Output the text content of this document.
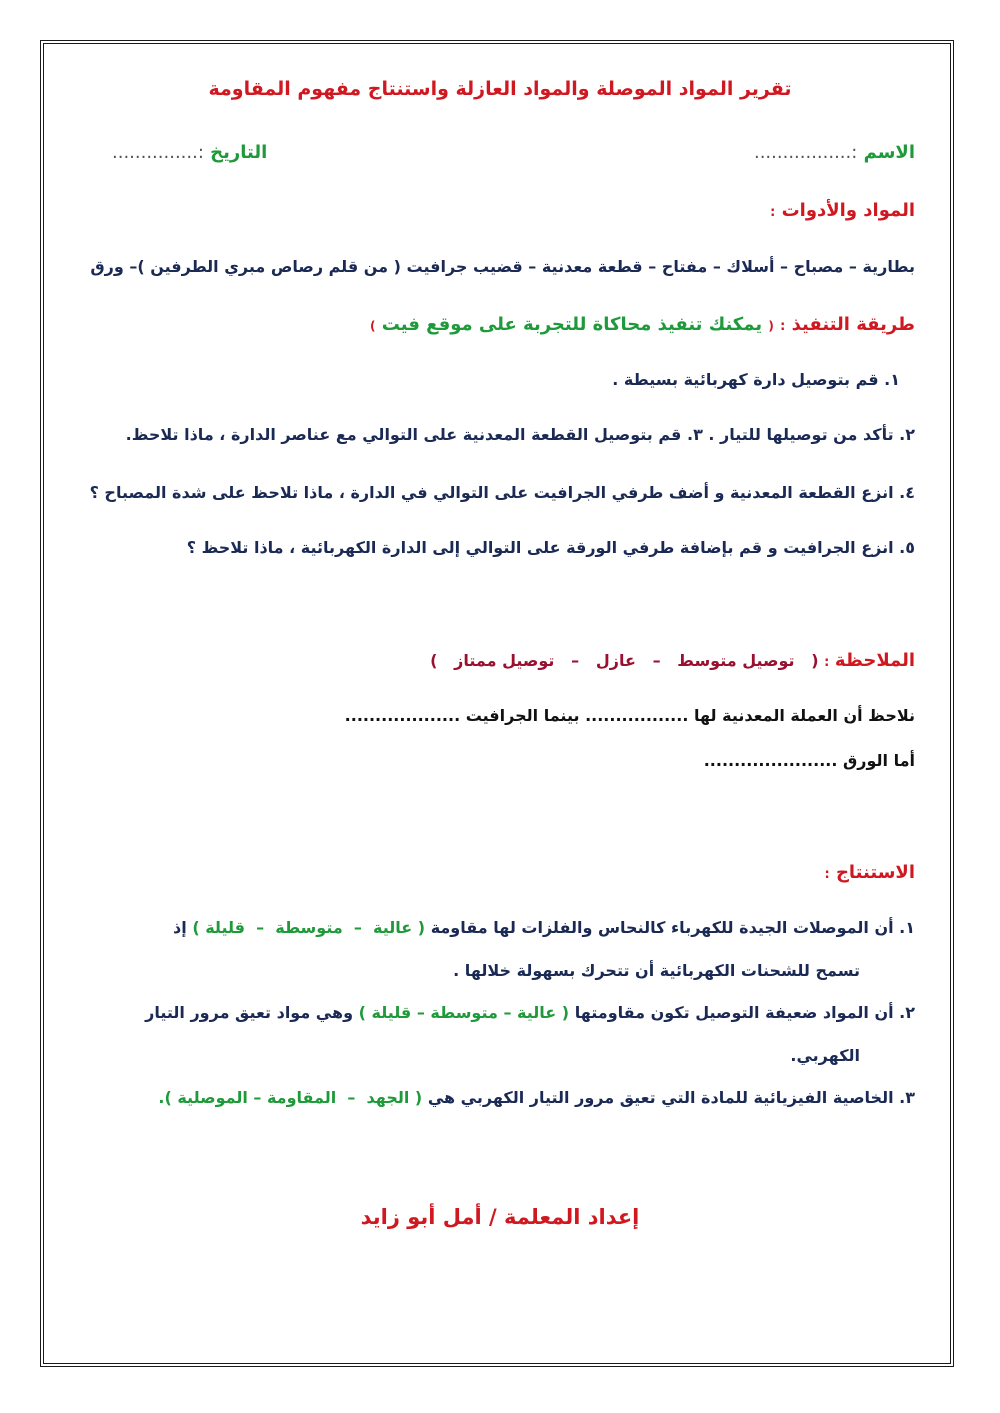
تقرير المواد الموصلة والمواد العازلة واستنتاج مفهوم المقاومة
الاسم :.................
التاريخ :...............
المواد والأدوات :
بطارية – مصباح – أسلاك – مفتاح – قطعة معدنية – قضيب جرافيت ( من قلم رصاص مبري الطرفين )– ورق
طريقة التنفيذ : ( يمكنك تنفيذ محاكاة للتجربة على موقع فيت )
١. قم بتوصيل دارة كهربائية بسيطة .
٢. تأكد من توصيلها للتيار . ٣. قم بتوصيل القطعة المعدنية على التوالي مع عناصر الدارة ، ماذا تلاحظ.
٤. انزع القطعة المعدنية و أضف طرفي الجرافيت على التوالي في الدارة ، ماذا تلاحظ على شدة المصباح ؟
٥. انزع الجرافيت و قم بإضافة طرفي الورقة على التوالي إلى الدارة الكهربائية ، ماذا تلاحظ ؟
الملاحظة : (   توصيل متوسط   –   عازل   –   توصيل ممتاز   )
نلاحظ أن العملة المعدنية لها ................. بينما الجرافيت ...................
أما الورق ......................
الاستنتاج :
١. أن الموصلات الجيدة للكهرباء كالنحاس والفلزات لها مقاومة ( عالية  –  متوسطة  –  قليلة ) إذ
تسمح للشحنات الكهربائية أن تتحرك بسهولة خلالها .
٢. أن المواد ضعيفة التوصيل تكون مقاومتها ( عالية – متوسطة – قليلة ) وهي مواد تعيق مرور التيار
الكهربي.
٣. الخاصية الفيزيائية للمادة التي تعيق مرور التيار الكهربي هي ( الجهد  –  المقاومة – الموصلية ).
إعداد المعلمة / أمل أبو زايد
